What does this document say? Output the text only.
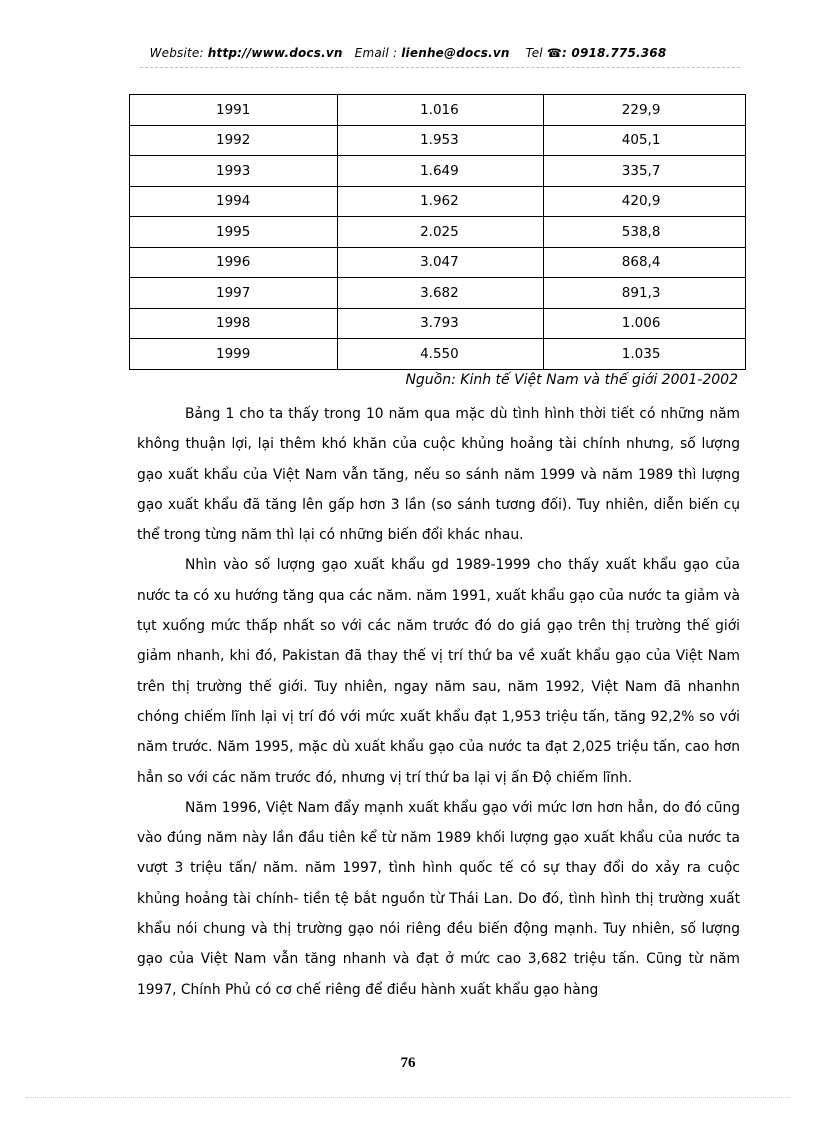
Website: http://www.docs.vn Email : lienhe@docs.vn Tel ☎: 0918.775.368
1991	1.016	229,9
1992	1.953	405,1
1993	1.649	335,7
1994	1.962	420,9
1995	2.025	538,8
1996	3.047	868,4
1997	3.682	891,3
1998	3.793	1.006
1999	4.550	1.035
Nguồn: Kinh tế Việt Nam và thế giới 2001-2002

Bảng 1 cho ta thấy trong 10 năm qua mặc dù tình hình thời tiết có những năm không thuận lợi, lại thêm khó khăn của cuộc khủng hoảng tài chính nhưng, số lượng gạo xuất khẩu của Việt Nam vẫn tăng, nếu so sánh năm 1999 và năm 1989 thì lượng gạo xuất khẩu đã tăng lên gấp hơn 3 lần (so sánh tương đối). Tuy nhiên, diễn biến cụ thể trong từng năm thì lại có những biến đổi khác nhau.

Nhìn vào số lượng gạo xuất khẩu gd 1989-1999 cho thấy xuất khẩu gạo của nước ta có xu hướng tăng qua các năm. năm 1991, xuất khẩu gạo của nước ta giảm và tụt xuống mức thấp nhất so với các năm trước đó do giá gạo trên thị trường thế giới giảm nhanh, khi đó, Pakistan đã thay thế vị trí thứ ba về xuất khẩu gạo của Việt Nam trên thị trường thế giới. Tuy nhiên, ngay năm sau, năm 1992, Việt Nam đã nhanhn chóng chiếm lĩnh lại vị trí đó với mức xuất khẩu đạt 1,953 triệu tấn, tăng 92,2% so với năm trước. Năm 1995, mặc dù xuất khẩu gạo của nước ta đạt 2,025 triệu tấn, cao hơn hẳn so với các năm trước đó, nhưng vị trí thứ ba lại vị ấn Độ chiếm lĩnh.

Năm 1996, Việt Nam đẩy mạnh xuất khẩu gạo với mức lơn hơn hẳn, do đó cũng vào đúng năm này lần đầu tiên kể từ năm 1989 khối lượng gạo xuất khẩu của nước ta vượt 3 triệu tấn/ năm. năm 1997, tình hình quốc tế có sự thay đổi do xảy ra cuộc khủng hoảng tài chính- tiền tệ bắt nguồn từ Thái Lan. Do đó, tình hình thị trường xuất khẩu nói chung và thị trường gạo nói riêng đều biến động mạnh. Tuy nhiên, số lượng gạo của Việt Nam vẫn tăng nhanh và đạt ở mức cao 3,682 triệu tấn. Cũng từ năm 1997, Chính Phủ có cơ chế riêng để điều hành xuất khẩu gạo hàng

76
